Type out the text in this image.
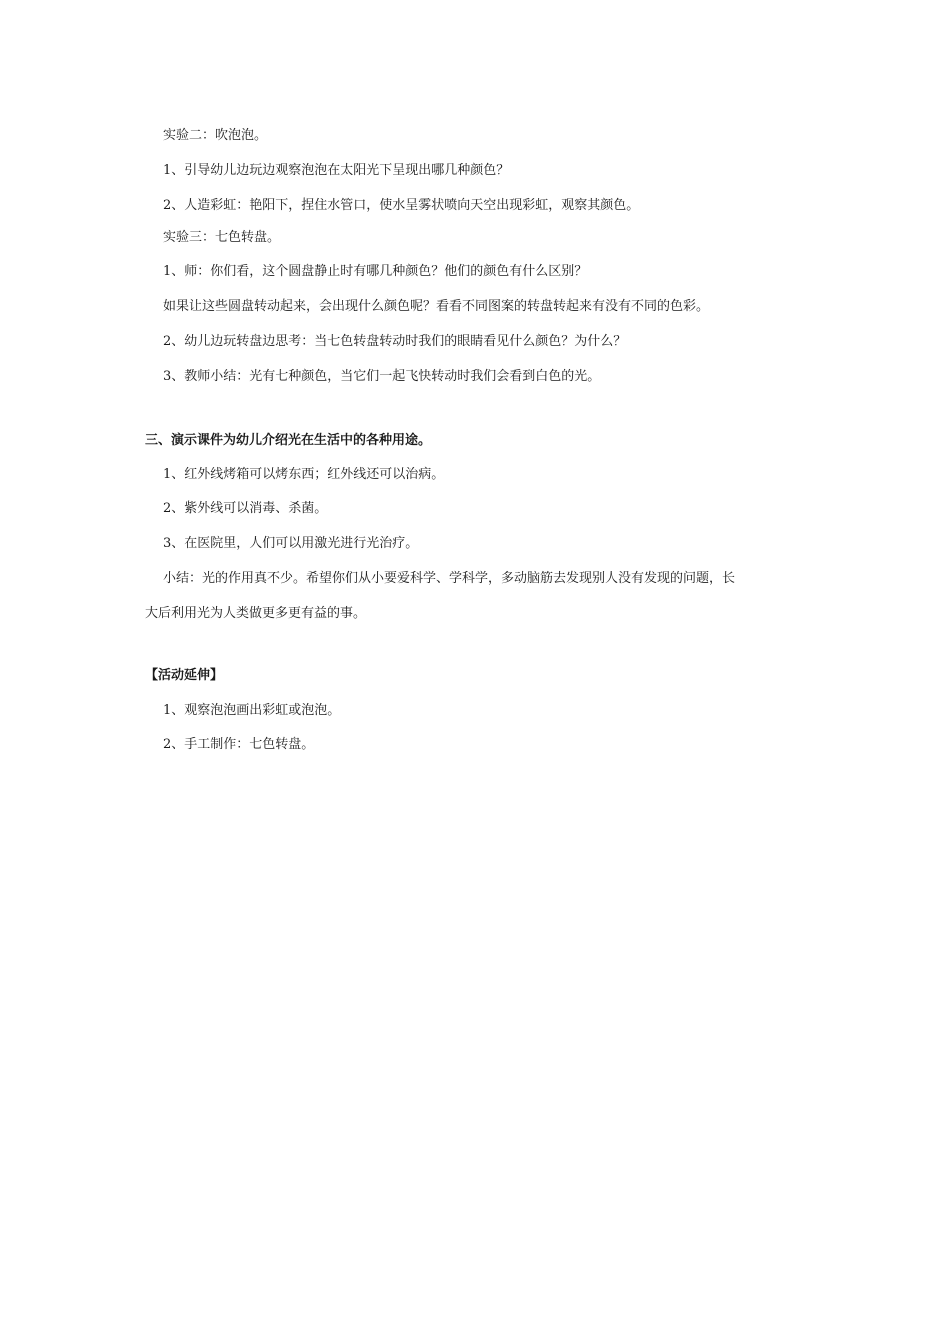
实验二：吹泡泡。
1、引导幼儿边玩边观察泡泡在太阳光下呈现出哪几种颜色？
2、人造彩虹：艳阳下，捏住水管口，使水呈雾状喷向天空出现彩虹，观察其颜色。
实验三：七色转盘。
1、师：你们看，这个圆盘静止时有哪几种颜色？他们的颜色有什么区别？
如果让这些圆盘转动起来，会出现什么颜色呢？看看不同图案的转盘转起来有没有不同的色彩。
2、幼儿边玩转盘边思考：当七色转盘转动时我们的眼睛看见什么颜色？为什么？
3、教师小结：光有七种颜色，当它们一起飞快转动时我们会看到白色的光。
三、演示课件为幼儿介绍光在生活中的各种用途。
1、红外线烤箱可以烤东西；红外线还可以治病。
2、紫外线可以消毒、杀菌。
3、在医院里，人们可以用激光进行光治疗。
小结：光的作用真不少。希望你们从小要爱科学、学科学，多动脑筋去发现别人没有发现的问题，长
大后利用光为人类做更多更有益的事。
【活动延伸】
1、观察泡泡画出彩虹或泡泡。
2、手工制作：七色转盘。
